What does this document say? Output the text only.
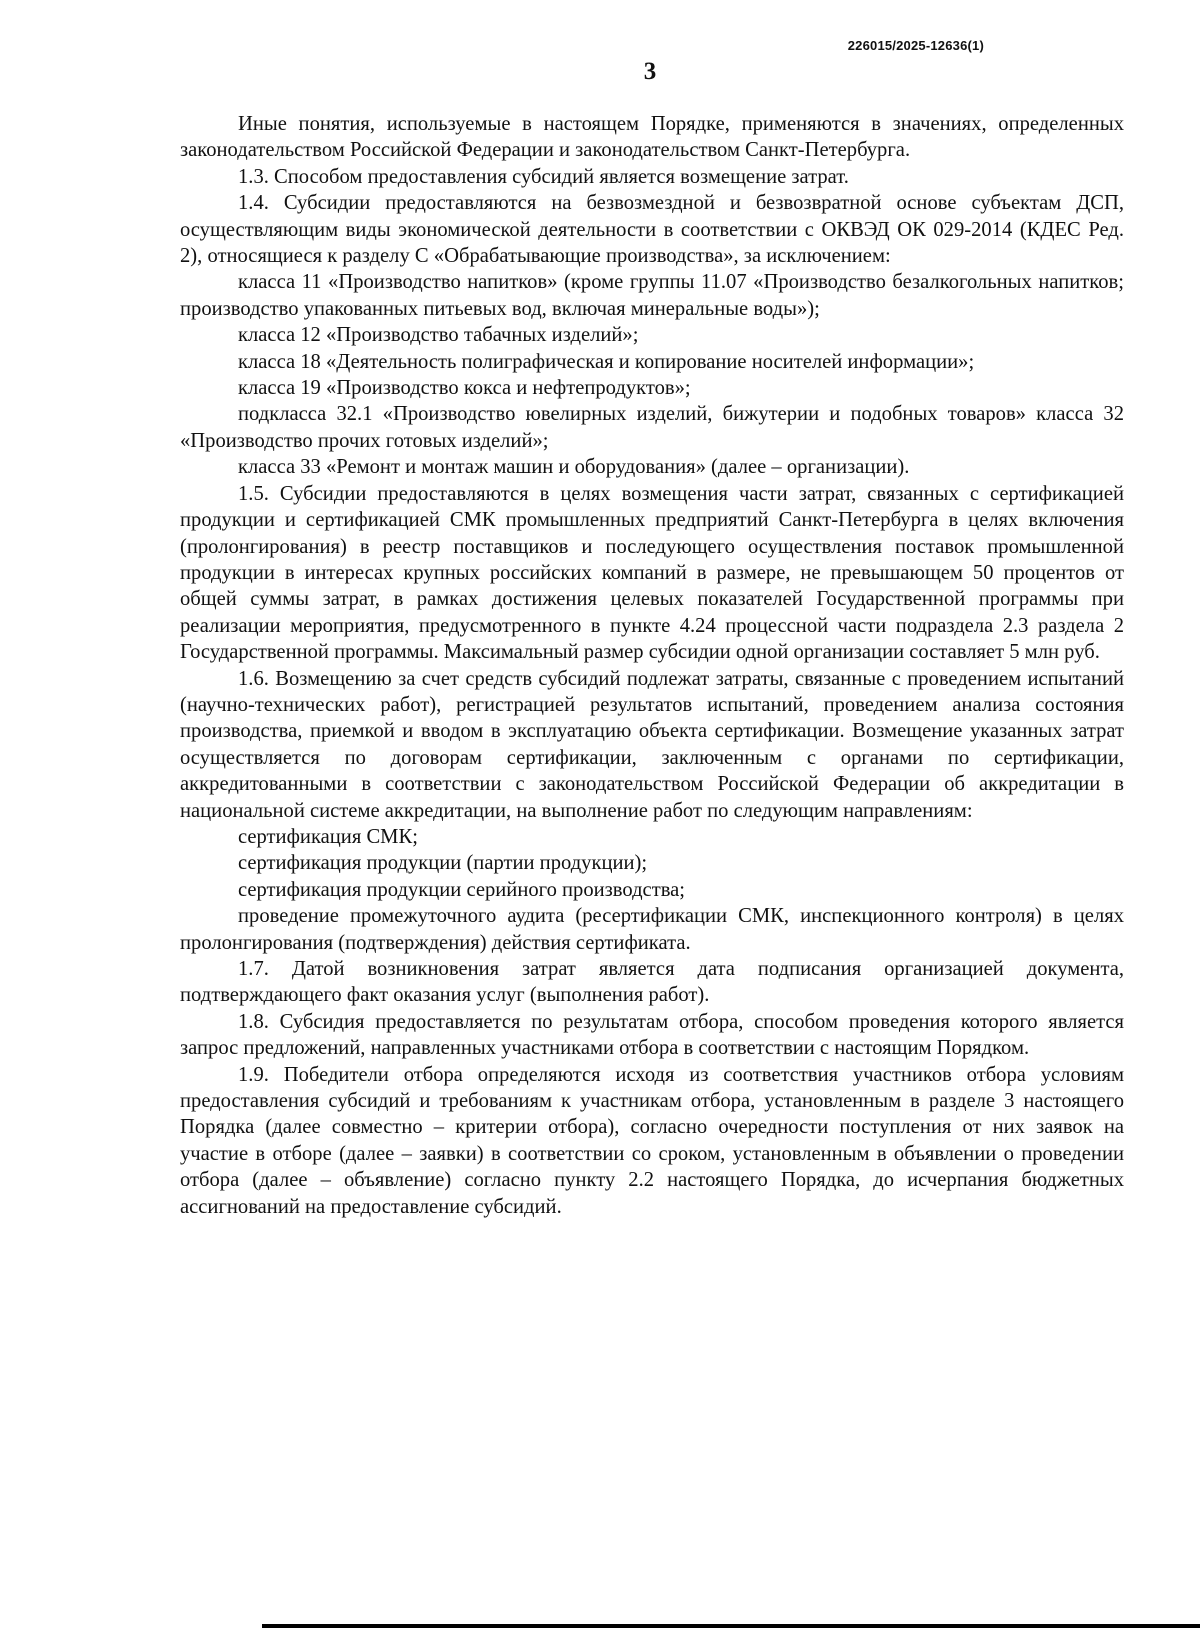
226015/2025-12636(1)
3

Иные понятия, используемые в настоящем Порядке, применяются в значениях, определенных законодательством Российской Федерации и законодательством Санкт-Петербурга.

1.3. Способом предоставления субсидий является возмещение затрат.

1.4. Субсидии предоставляются на безвозмездной и безвозвратной основе субъектам ДСП, осуществляющим виды экономической деятельности в соответствии с ОКВЭД ОК 029-2014 (КДЕС Ред. 2), относящиеся к разделу C «Обрабатывающие производства», за исключением:

класса 11 «Производство напитков» (кроме группы 11.07 «Производство безалкогольных напитков; производство упакованных питьевых вод, включая минеральные воды»);

класса 12 «Производство табачных изделий»;

класса 18 «Деятельность полиграфическая и копирование носителей информации»;

класса 19 «Производство кокса и нефтепродуктов»;

подкласса 32.1 «Производство ювелирных изделий, бижутерии и подобных товаров» класса 32 «Производство прочих готовых изделий»;

класса 33 «Ремонт и монтаж машин и оборудования» (далее – организации).

1.5. Субсидии предоставляются в целях возмещения части затрат, связанных с сертификацией продукции и сертификацией СМК промышленных предприятий Санкт-Петербурга в целях включения (пролонгирования) в реестр поставщиков и последующего осуществления поставок промышленной продукции в интересах крупных российских компаний в размере, не превышающем 50 процентов от общей суммы затрат, в рамках достижения целевых показателей Государственной программы при реализации мероприятия, предусмотренного в пункте 4.24 процессной части подраздела 2.3 раздела 2 Государственной программы. Максимальный размер субсидии одной организации составляет 5 млн руб.

1.6. Возмещению за счет средств субсидий подлежат затраты, связанные с проведением испытаний (научно-технических работ), регистрацией результатов испытаний, проведением анализа состояния производства, приемкой и вводом в эксплуатацию объекта сертификации. Возмещение указанных затрат осуществляется по договорам сертификации, заключенным с органами по сертификации, аккредитованными в соответствии с законодательством Российской Федерации об аккредитации в национальной системе аккредитации, на выполнение работ по следующим направлениям:

сертификация СМК;

сертификация продукции (партии продукции);

сертификация продукции серийного производства;

проведение промежуточного аудита (ресертификации СМК, инспекционного контроля) в целях пролонгирования (подтверждения) действия сертификата.

1.7. Датой возникновения затрат является дата подписания организацией документа, подтверждающего факт оказания услуг (выполнения работ).

1.8. Субсидия предоставляется по результатам отбора, способом проведения которого является запрос предложений, направленных участниками отбора в соответствии с настоящим Порядком.

1.9. Победители отбора определяются исходя из соответствия участников отбора условиям предоставления субсидий и требованиям к участникам отбора, установленным в разделе 3 настоящего Порядка (далее совместно – критерии отбора), согласно очередности поступления от них заявок на участие в отборе (далее – заявки) в соответствии со сроком, установленным в объявлении о проведении отбора (далее – объявление) согласно пункту 2.2 настоящего Порядка, до исчерпания бюджетных ассигнований на предоставление субсидий.
